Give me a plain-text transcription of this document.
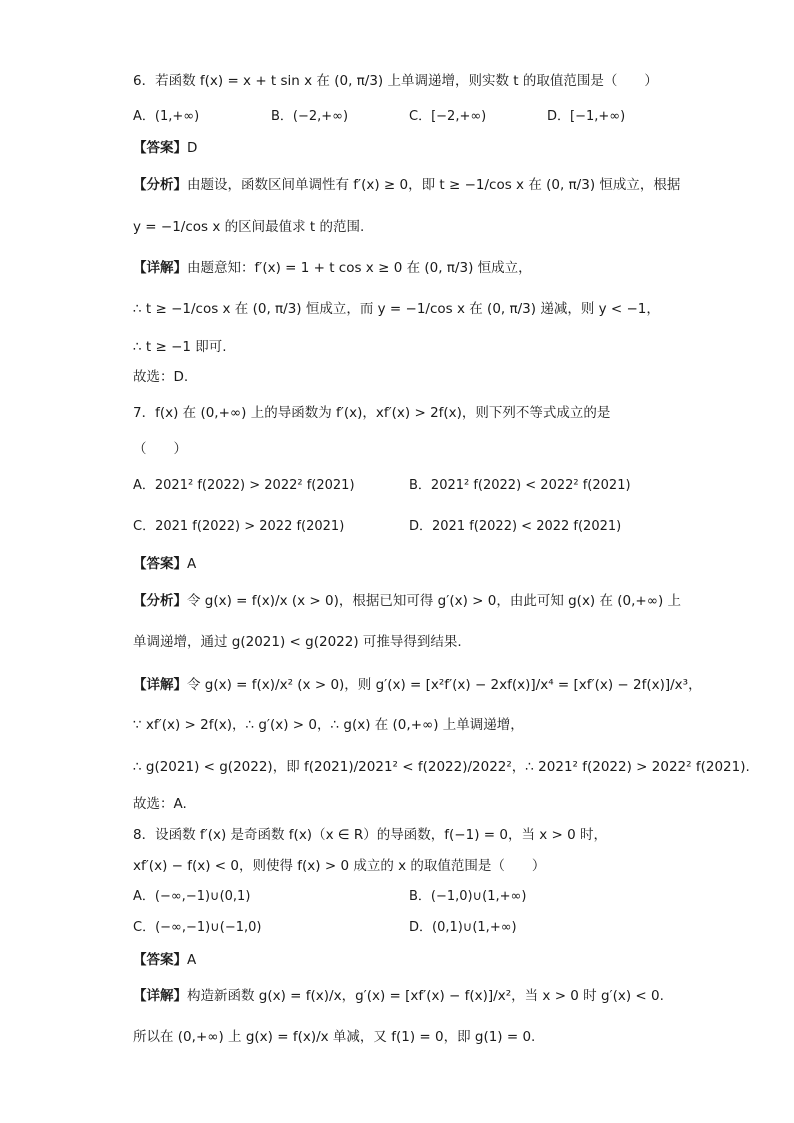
6．若函数 f(x) = x + t sin x 在 (0, π/3) 上单调递增，则实数 t 的取值范围是（　　）
A．(1,+∞)	B．(−2,+∞)	C．[−2,+∞)	D．[−1,+∞)
【答案】D
【分析】由题设，函数区间单调性有 f′(x) ≥ 0，即 t ≥ −1/cos x 在 (0, π/3) 恒成立，根据
y = −1/cos x 的区间最值求 t 的范围.
【详解】由题意知：f′(x) = 1 + t cos x ≥ 0 在 (0, π/3) 恒成立，
∴ t ≥ −1/cos x 在 (0, π/3) 恒成立，而 y = −1/cos x 在 (0, π/3) 递减，则 y < −1，
∴ t ≥ −1 即可.
故选：D.
7．f(x) 在 (0,+∞) 上的导函数为 f′(x)，xf′(x) > 2f(x)，则下列不等式成立的是
（　　）
A．2021² f(2022) > 2022² f(2021)	B．2021² f(2022) < 2022² f(2021)
C．2021 f(2022) > 2022 f(2021)	D．2021 f(2022) < 2022 f(2021)
【答案】A
【分析】令 g(x) = f(x)/x (x > 0)，根据已知可得 g′(x) > 0，由此可知 g(x) 在 (0,+∞) 上
单调递增，通过 g(2021) < g(2022) 可推导得到结果.
【详解】令 g(x) = f(x)/x² (x > 0)，则 g′(x) = [x²f′(x) − 2xf(x)]/x⁴ = [xf′(x) − 2f(x)]/x³，
∵ xf′(x) > 2f(x)，∴ g′(x) > 0，∴ g(x) 在 (0,+∞) 上单调递增，
∴ g(2021) < g(2022)，即 f(2021)/2021² < f(2022)/2022²，∴ 2021² f(2022) > 2022² f(2021).
故选：A.
8．设函数 f′(x) 是奇函数 f(x)（x ∈ R）的导函数，f(−1) = 0，当 x > 0 时，
xf′(x) − f(x) < 0，则使得 f(x) > 0 成立的 x 的取值范围是（　　）
A．(−∞,−1)∪(0,1)	B．(−1,0)∪(1,+∞)
C．(−∞,−1)∪(−1,0)	D．(0,1)∪(1,+∞)
【答案】A
【详解】构造新函数 g(x) = f(x)/x，g′(x) = [xf′(x) − f(x)]/x²，当 x > 0 时 g′(x) < 0.
所以在 (0,+∞) 上 g(x) = f(x)/x 单减，又 f(1) = 0，即 g(1) = 0.
